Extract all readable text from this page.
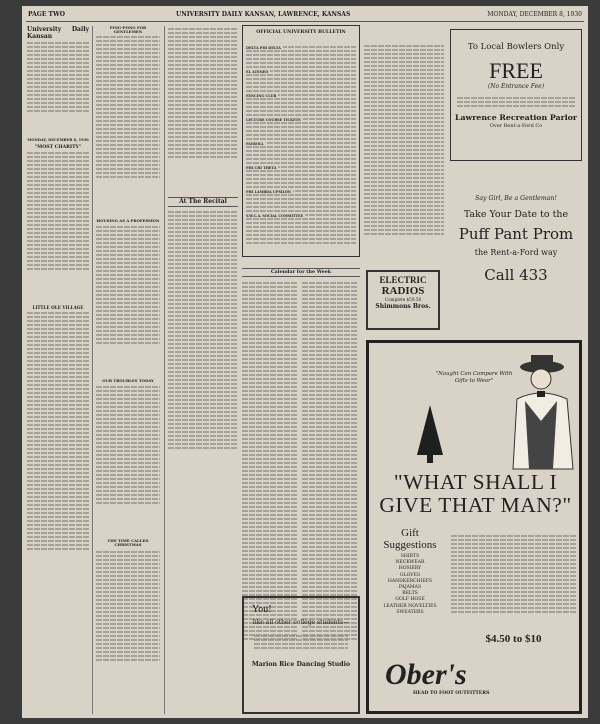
PAGE TWO	UNIVERSITY DAILY KANSAN, LAWRENCE, KANSAS	MONDAY, DECEMBER 8, 1930
University Daily Kansan
MONDAY, DECEMBER 8, 1930
"MOST CHARITY"
LITTLE OLE VILLAGE
PING-PONG FOR GENTLEMEN
HOUSING AS A PROFESSION
OUR TROUBLES TODAY
THE TIME CALLED CHRISTMAS
At The Recital
OFFICIAL UNIVERSITY BULLETIN
DELTA PHI DELTA
EL ATENEO
FENCING CLUB
LECTURE COURSE TICKETS
PAYROLL
PHI CHI THETA
PHI LAMBDA UPSILON
Y.W.C.A. SOCIAL COMMITTEE
Calendar for the Week
ELECTRIC
RADIOS
Complete $59.50
Shimmons Bros.
To Local Bowlers Only
FREE
(No Entrance Fee)
Lawrence Recreation Parlor
Over Rent-a-Ford Co
Say Girl, Be a Gentleman!
Take Your Date to the
Puff Pant Prom
the Rent-a-Ford way
Call 433
You!
like all other college students—
Marion Rice Dancing Studio
"Naught Can Compare With Gifts to Wear"
"WHAT SHALL I GIVE THAT MAN?"
Gift
Suggestions
SHIRTS
NECKWEAR
HOSIERY
GLOVES
HANDKERCHIEFS
PAJAMAS
BELTS
GOLF HOSE
LEATHER NOVELTIES
SWEATERS
$4.50 to $10
Ober's
HEAD TO FOOT OUTFITTERS
